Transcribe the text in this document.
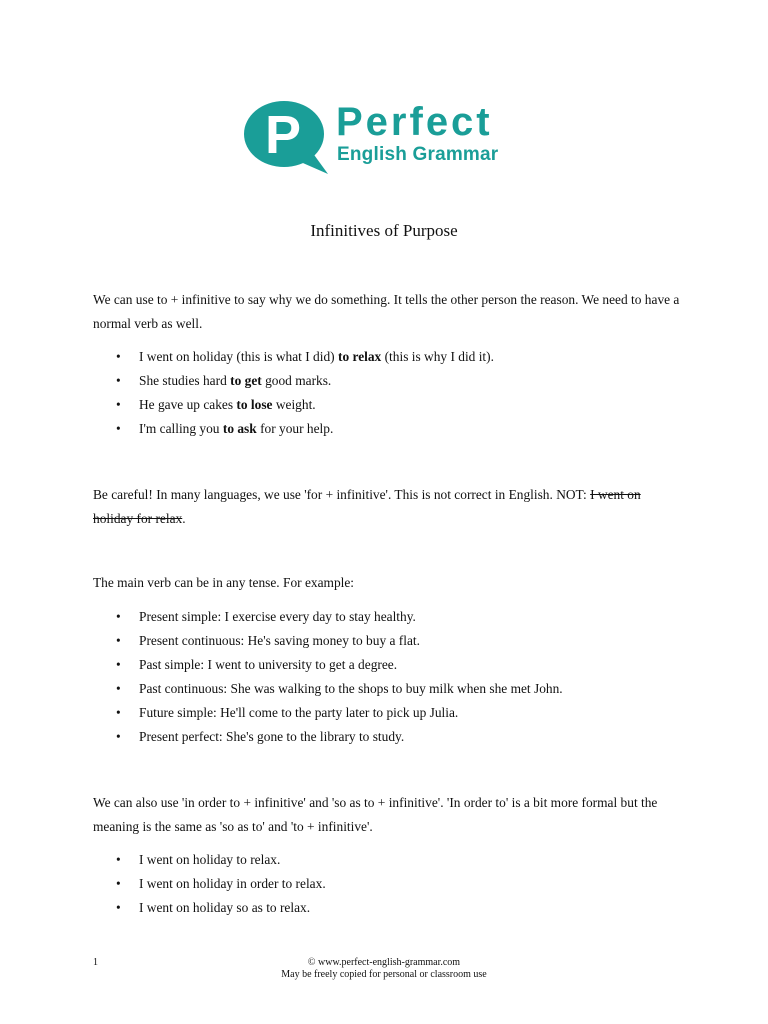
P Perfect
English Grammar
Infinitives of Purpose

We can use to + infinitive to say why we do something. It tells the other person the reason. We need to have a normal verb as well.

• I went on holiday (this is what I did) to relax (this is why I did it).
• She studies hard to get good marks.
• He gave up cakes to lose weight.
• I'm calling you to ask for your help.

Be careful! In many languages, we use 'for + infinitive'. This is not correct in English. NOT: I went on holiday for relax.

The main verb can be in any tense. For example:

• Present simple: I exercise every day to stay healthy.
• Present continuous: He's saving money to buy a flat.
• Past simple: I went to university to get a degree.
• Past continuous: She was walking to the shops to buy milk when she met John.
• Future simple: He'll come to the party later to pick up Julia.
• Present perfect: She's gone to the library to study.

We can also use 'in order to + infinitive' and 'so as to + infinitive'. 'In order to' is a bit more formal but the meaning is the same as 'so as to' and 'to + infinitive'.

• I went on holiday to relax.
• I went on holiday in order to relax.
• I went on holiday so as to relax.
1	© www.perfect-english-grammar.com
May be freely copied for personal or classroom use
